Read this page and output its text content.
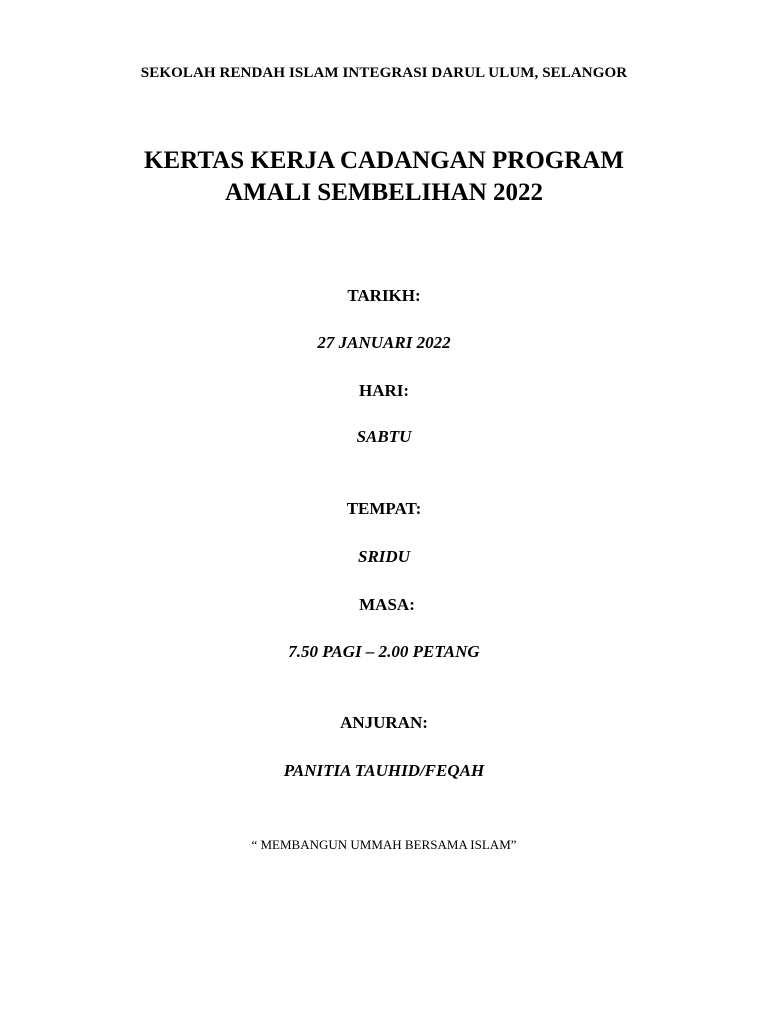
SEKOLAH RENDAH ISLAM INTEGRASI DARUL ULUM, SELANGOR
KERTAS KERJA CADANGAN PROGRAM
AMALI SEMBELIHAN 2022
TARIKH:
27 JANUARI 2022
HARI:
SABTU
TEMPAT:
SRIDU
MASA:
7.50 PAGI – 2.00 PETANG
ANJURAN:
PANITIA TAUHID/FEQAH
“ MEMBANGUN UMMAH BERSAMA ISLAM”
